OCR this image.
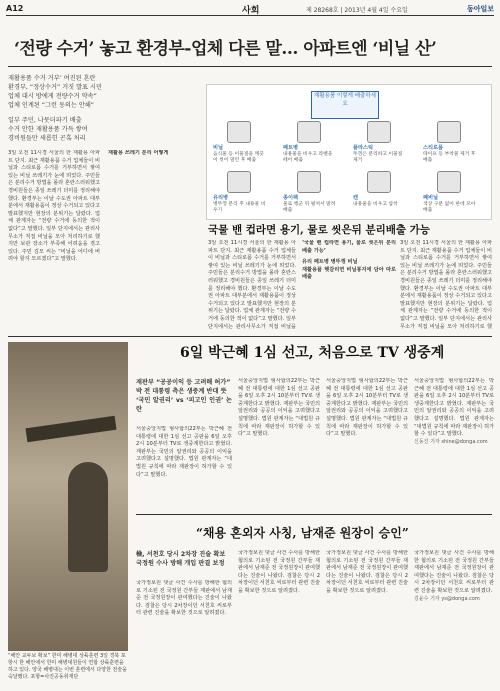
A12	사회	제 28268호 | 2013년 4월 4일 수요일	동아일보
‘전량 수거’ 놓고 환경부-업체 다른 말… 아파트엔 ‘비닐 산’

재활용품 수거 거부’ 여진된 혼란
환경부, “정상수거” 거짓 발표 시민
업체 대시 방에게 전량수거 약속”
업체 인계된 “그런 동의는 안해”

일부 주민, 나뭇더파기 배출
수거 안한 재활용품 가득 쌓여
경비원들만 새롭힌 곤혹 처리

3일 오전 11시경 서울의 한 재활용 아파트 단지. 최근 재활용품 수거 업체들이 비닐과 스티로폼 수거를 거부하면서 쌓여 있는 비닐 쓰레기가 눈에 띄었다. 주민들은 분리수거 방법을 몰라 혼란스러워했고 경비원들은 종일 쓰레기 더미를 정리해야 했다. 환경부는 이날 수도권 아파트 대부분에서 재활용품이 정상 수거되고 있다고 발표했지만 현장의 분위기는 달랐다. 업체 관계자는 “전량 수거에 동의한 적이 없다”고 말했다. 일부 단지에서는 관리사무소가 직접 비닐을 모아 처리하기로 했지만 보관 장소가 부족해 어려움을 겪고 있다. 주민 김모 씨는 “비닐을 어디에 버려야 할지 모르겠다”고 말했다.

재활용품 이렇게 배출하세요
비닐
음식물 등 이물질을 깨끗이 씻어 말린 후 배출
페트병
내용물을 비우고 라벨을 떼어 배출
플라스틱
뚜껑은 분리하고 이물질 제거
스티로폼
테이프 등 부착물 제거 후 배출
유리병
병뚜껑 분리 후 내용물 비우기
종이팩
물로 헹군 뒤 펼쳐서 말려 배출
캔
내용물을 비우고 압착
폐비닐
색상 구분 없이 한데 모아 배출
국물 밴 컵라면 용기, 물로 씻은뒤 분리배출 가능

재활용 쓰레기 분리 어떻게

3일 오전 11시경 서울의 한 재활용 아파트 단지. 최근 재활용품 수거 업체들이 비닐과 스티로폼 수거를 거부하면서 쌓여 있는 비닐 쓰레기가 눈에 띄었다. 주민들은 분리수거 방법을 몰라 혼란스러워했고 경비원들은 종일 쓰레기 더미를 정리해야 했다. 환경부는 이날 수도권 아파트 대부분에서 재활용품이 정상 수거되고 있다고 발표했지만 현장의 분위기는 달랐다. 업체 관계자는 “전량 수거에 동의한 적이 없다”고 말했다. 일부 단지에서는 관리사무소가 직접 비닐을

‘국물 밴 컵라면 용기, 물로 씻은뒤 분리배출 가능’

유리 페트병 병뚜껑 비닐
재활용품 헷갈리면 비닐봉지에 담아 따로 배출

3일 오전 11시경 서울의 한 재활용 아파트 단지. 최근 재활용품 수거 업체들이 비닐과 스티로폼 수거를 거부하면서 쌓여 있는 비닐 쓰레기가 눈에 띄었다. 주민들은 분리수거 방법을 몰라 혼란스러워했고 경비원들은 종일 쓰레기 더미를 정리해야 했다. 환경부는 이날 수도권 아파트 대부분에서 재활용품이 정상 수거되고 있다고 발표했지만 현장의 분위기는 달랐다. 업체 관계자는 “전량 수거에 동의한 적이 없다”고 말했다. 일부 단지에서는 관리사무소가 직접 비닐을 모아 처리하기로 했

“해안 교두보 확보” 한미 해병대 상륙훈련 3일 경북 포항시 한 해안에서 한미 해병대원들이 연합 상륙훈련을 하고 있다. 양국 해병대는 이번 훈련에서 다양한 전술을 숙달했다. 포항=사진공동취재단
6일 박근혜 1심 선고, 처음으로 TV 생중계
재판부 “공공이익 등 고려해 허가”
박 전 대통령 측은 생중계 반대 뜻
‘국민 알권리’ vs ‘피고인 인권’ 논란

서울중앙지법 형사합의22부는 박근혜 전 대통령에 대한 1심 선고 공판을 6일 오후 2시 10분부터 TV로 생중계한다고 밝혔다. 재판부는 국민의 알권리와 공공의 이익을 고려했다고 설명했다. 법원 관계자는 “대법원 규칙에 따라 재판장이 허가할 수 있다”고 말했다.

서울중앙지법 형사합의22부는 박근혜 전 대통령에 대한 1심 선고 공판을 6일 오후 2시 10분부터 TV로 생중계한다고 밝혔다. 재판부는 국민의 알권리와 공공의 이익을 고려했다고 설명했다. 법원 관계자는 “대법원 규칙에 따라 재판장이 허가할 수 있다”고 말했다.

서울중앙지법 형사합의22부는 박근혜 전 대통령에 대한 1심 선고 공판을 6일 오후 2시 10분부터 TV로 생중계한다고 밝혔다. 재판부는 국민의 알권리와 공공의 이익을 고려했다고 설명했다. 법원 관계자는 “대법원 규칙에 따라 재판장이 허가할 수 있다”고 말했다.

서울중앙지법 형사합의22부는 박근혜 전 대통령에 대한 1심 선고 공판을 6일 오후 2시 10분부터 TV로 생중계한다고 밝혔다. 재판부는 국민의 알권리와 공공의 이익을 고려했다고 설명했다. 법원 관계자는 “대법원 규칙에 따라 재판장이 허가할 수 있다”고 말했다.

신동진 기자 shine@donga.com

“채용 혼외자 사칭, 남재준 원장이 승인”
檢, 서천호 당시 2차장 진술 확보
국정원 수사 방해 개입 판결 보정

국가정보원 댓글 사건 수사를 방해한 혐의로 기소된 전 국정원 간부들 재판에서 남재준 전 국정원장이 관여했다는 진술이 나왔다. 검찰은 당시 2차장이던 서천호 씨로부터 관련 진술을 확보한 것으로 알려졌다.

국가정보원 댓글 사건 수사를 방해한 혐의로 기소된 전 국정원 간부들 재판에서 남재준 전 국정원장이 관여했다는 진술이 나왔다. 검찰은 당시 2차장이던 서천호 씨로부터 관련 진술을 확보한 것으로 알려졌다.

국가정보원 댓글 사건 수사를 방해한 혐의로 기소된 전 국정원 간부들 재판에서 남재준 전 국정원장이 관여했다는 진술이 나왔다. 검찰은 당시 2차장이던 서천호 씨로부터 관련 진술을 확보한 것으로 알려졌다.

국가정보원 댓글 사건 수사를 방해한 혐의로 기소된 전 국정원 간부들 재판에서 남재준 전 국정원장이 관여했다는 진술이 나왔다. 검찰은 당시 2차장이던 서천호 씨로부터 관련 진술을 확보한 것으로 알려졌다.

김윤수 기자 ys@donga.com
